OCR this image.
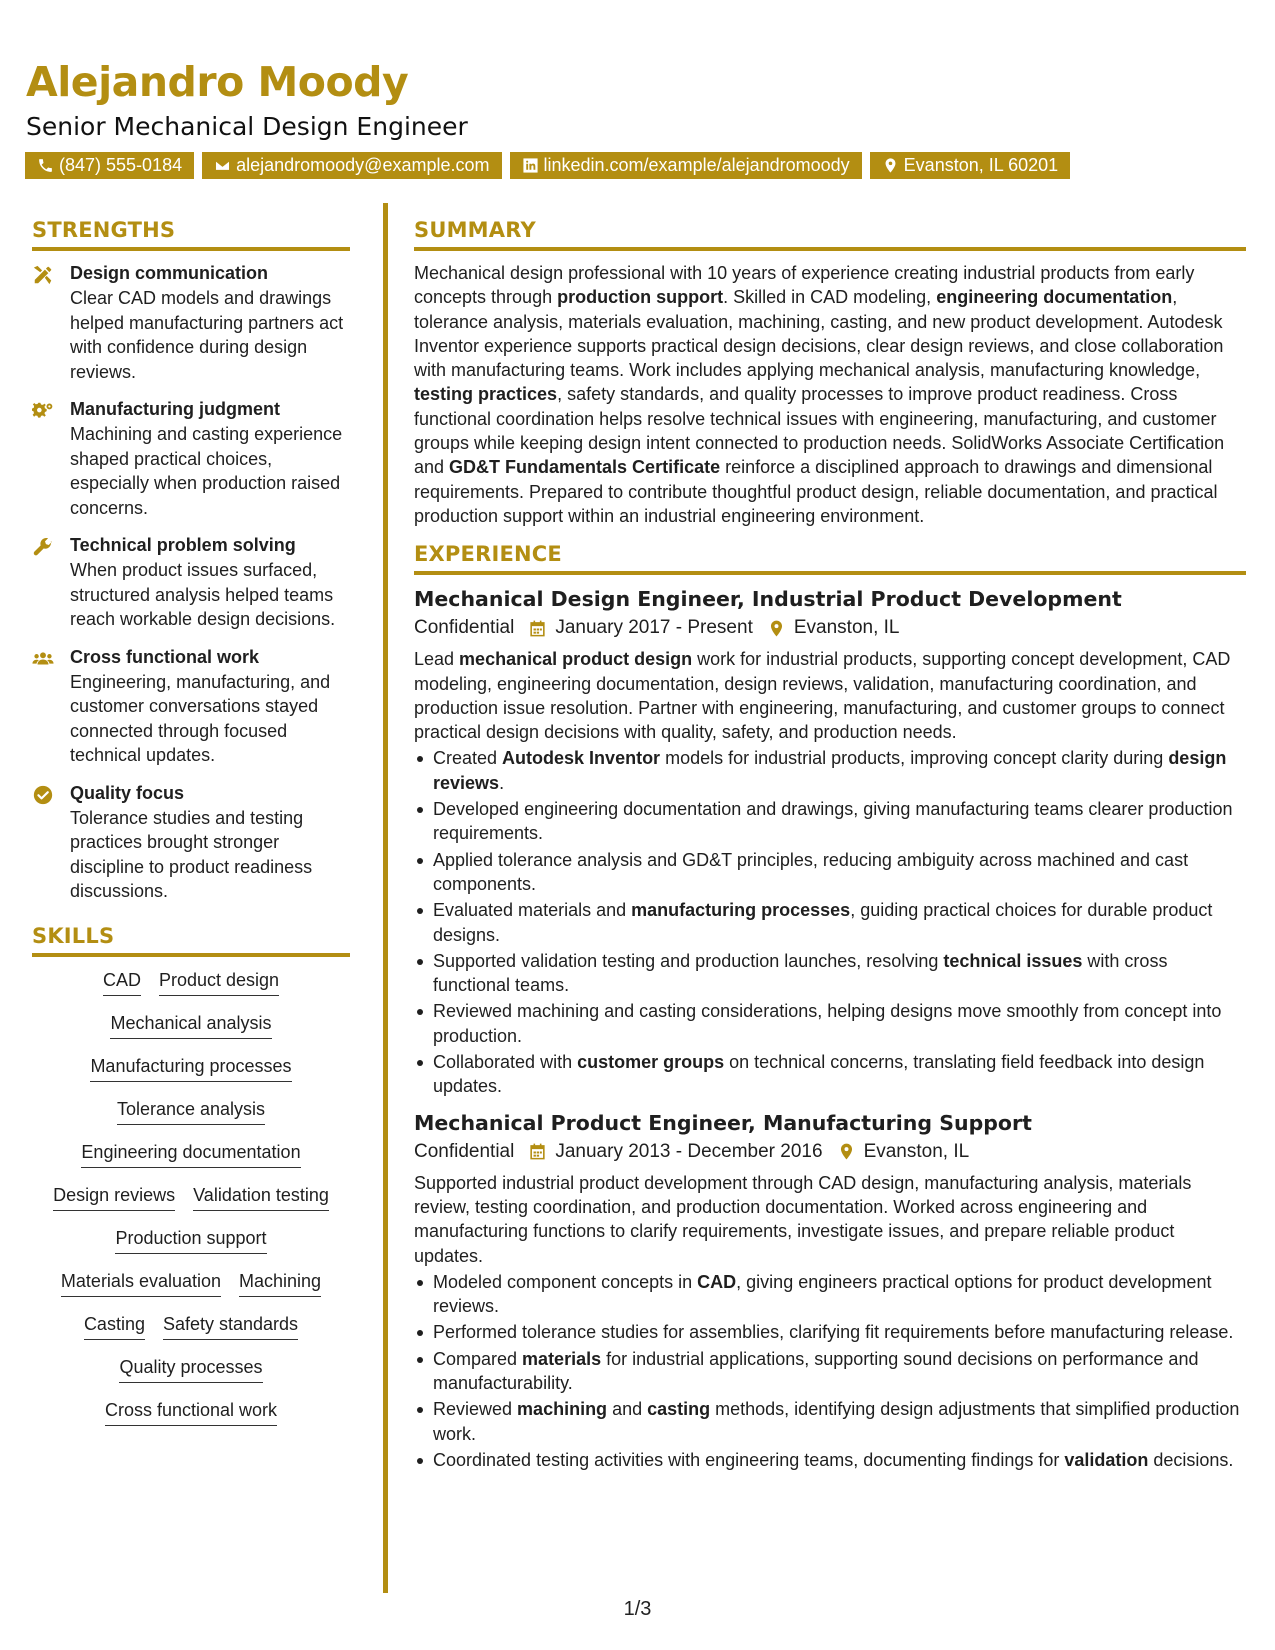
Alejandro Moody
Senior Mechanical Design Engineer
(847) 555-0184	alejandromoody@example.com	linkedin.com/example/alejandromoody	Evanston, IL 60201
STRENGTHS
Design communication
Clear CAD models and drawings helped manufacturing partners act with confidence during design reviews.
Manufacturing judgment
Machining and casting experience shaped practical choices, especially when production raised concerns.
Technical problem solving
When product issues surfaced, structured analysis helped teams reach workable design decisions.
Cross functional work
Engineering, manufacturing, and customer conversations stayed connected through focused technical updates.
Quality focus
Tolerance studies and testing practices brought stronger discipline to product readiness discussions.
SKILLS
CAD Product design
Mechanical analysis
Manufacturing processes
Tolerance analysis
Engineering documentation
Design reviews Validation testing
Production support
Materials evaluation Machining
Casting Safety standards
Quality processes
Cross functional work
SUMMARY
Mechanical design professional with 10 years of experience creating industrial products from early concepts through production support. Skilled in CAD modeling, engineering documentation, tolerance analysis, materials evaluation, machining, casting, and new product development. Autodesk Inventor experience supports practical design decisions, clear design reviews, and close collaboration with manufacturing teams. Work includes applying mechanical analysis, manufacturing knowledge, testing practices, safety standards, and quality processes to improve product readiness. Cross functional coordination helps resolve technical issues with engineering, manufacturing, and customer groups while keeping design intent connected to production needs. SolidWorks Associate Certification and GD&T Fundamentals Certificate reinforce a disciplined approach to drawings and dimensional requirements. Prepared to contribute thoughtful product design, reliable documentation, and practical production support within an industrial engineering environment.
EXPERIENCE
Mechanical Design Engineer, Industrial Product Development
Confidential January 2017 - Present Evanston, IL
Lead mechanical product design work for industrial products, supporting concept development, CAD modeling, engineering documentation, design reviews, validation, manufacturing coordination, and production issue resolution. Partner with engineering, manufacturing, and customer groups to connect practical design decisions with quality, safety, and production needs.
Created Autodesk Inventor models for industrial products, improving concept clarity during design reviews.
Developed engineering documentation and drawings, giving manufacturing teams clearer production requirements.
Applied tolerance analysis and GD&T principles, reducing ambiguity across machined and cast components.
Evaluated materials and manufacturing processes, guiding practical choices for durable product designs.
Supported validation testing and production launches, resolving technical issues with cross functional teams.
Reviewed machining and casting considerations, helping designs move smoothly from concept into production.
Collaborated with customer groups on technical concerns, translating field feedback into design updates.
Mechanical Product Engineer, Manufacturing Support
Confidential January 2013 - December 2016 Evanston, IL
Supported industrial product development through CAD design, manufacturing analysis, materials review, testing coordination, and production documentation. Worked across engineering and manufacturing functions to clarify requirements, investigate issues, and prepare reliable product updates.
Modeled component concepts in CAD, giving engineers practical options for product development reviews.
Performed tolerance studies for assemblies, clarifying fit requirements before manufacturing release.
Compared materials for industrial applications, supporting sound decisions on performance and manufacturability.
Reviewed machining and casting methods, identifying design adjustments that simplified production work.
Coordinated testing activities with engineering teams, documenting findings for validation decisions.
1/3
